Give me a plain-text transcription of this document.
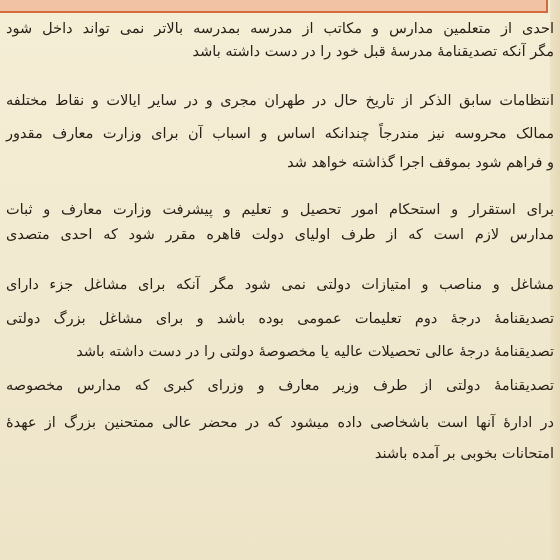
احدی از متعلمین مدارس و مکاتب از مدرسه بمدرسه بالاتر نمی تواند داخل شود
مگر آنکه تصدیقنامهٔ مدرسهٔ قبل خود را در دست داشته باشد
انتظامات سابق الذکر از تاریخ حال در طهران مجری و در سایر ایالات و نقاط مختلفه
ممالک محروسه نیز مندرجاً چندانکه اساس و اسباب آن برای وزارت معارف مقدور
و فراهم شود بموقف اجرا گذاشته خواهد شد
برای استقرار و استحکام امور تحصیل و تعلیم و پیشرفت وزارت معارف و ثبات
مدارس لازم است که از طرف اولیای دولت قاهره مقرر شود که احدی متصدی
مشاغل و مناصب و امتیازات دولتی نمی شود مگر آنکه برای مشاغل جزء دارای
تصدیقنامهٔ درجهٔ دوم تعلیمات عمومی بوده باشد و برای مشاغل بزرگ دولتی
تصدیقنامهٔ درجهٔ عالی تحصیلات عالیه یا مخصوصهٔ دولتی را در دست داشته باشد
تصدیقنامهٔ دولتی از طرف وزیر معارف و وزرای کبری که مدارس مخصوصه
در ادارهٔ آنها است باشخاصی داده میشود که در محضر عالی ممتحنین بزرگ از عهدهٔ
امتحانات بخوبی بر آمده باشند
